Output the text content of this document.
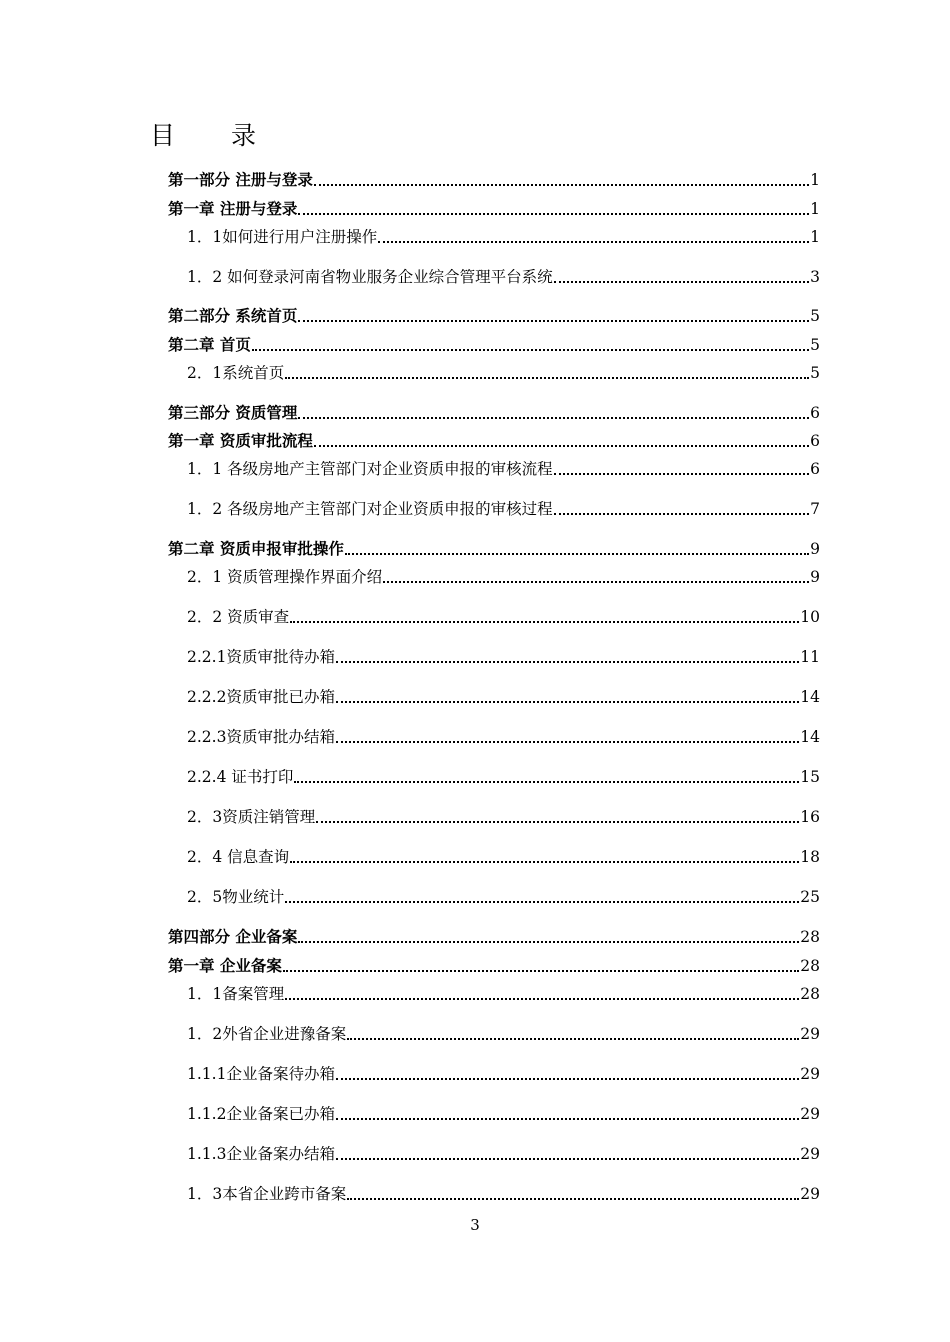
目 录
第一部分 注册与登录	1
第一章 注册与登录	1
1．1如何进行用户注册操作	1
1．2 如何登录河南省物业服务企业综合管理平台系统	3
第二部分 系统首页	5
第二章 首页	5
2．1系统首页	5
第三部分 资质管理	6
第一章 资质审批流程	6
1．1 各级房地产主管部门对企业资质申报的审核流程	6
1．2 各级房地产主管部门对企业资质申报的审核过程	7
第二章 资质申报审批操作	9
2．1 资质管理操作界面介绍	9
2．2 资质审查	10
2.2.1资质审批待办箱	11
2.2.2资质审批已办箱	14
2.2.3资质审批办结箱	14
2.2.4 证书打印	15
2．3资质注销管理	16
2．4 信息查询	18
2．5物业统计	25
第四部分 企业备案	28
第一章 企业备案	28
1．1备案管理	28
1．2外省企业进豫备案	29
1.1.1企业备案待办箱	29
1.1.2企业备案已办箱	29
1.1.3企业备案办结箱	29
1．3本省企业跨市备案	29
3
